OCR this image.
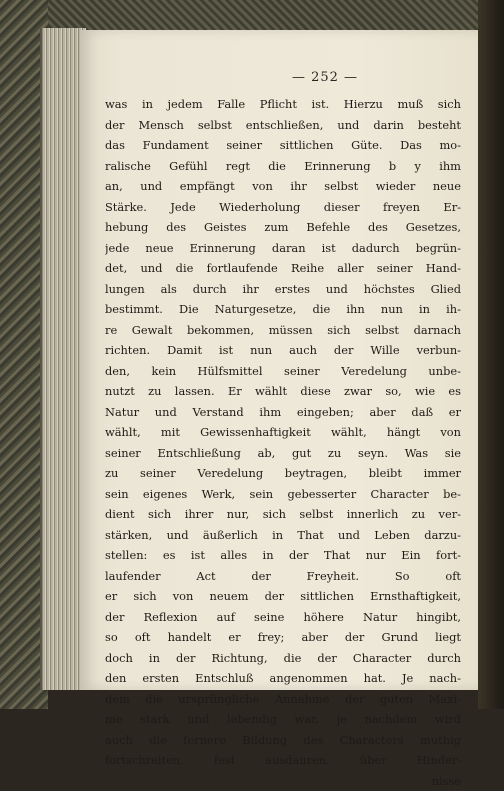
— 252 —
was in jedem Falle Pflicht ist. Hierzu muß sich
der Mensch selbst entschließen, und darin besteht
das Fundament seiner sittlichen Güte. Das mo-
ralische Gefühl regt die Erinnerung b y ihm
an, und empfängt von ihr selbst wieder neue
Stärke. Jede Wiederholung dieser freyen Er-
hebung des Geistes zum Befehle des Gesetzes,
jede neue Erinnerung daran ist dadurch begrün-
det, und die fortlaufende Reihe aller seiner Hand-
lungen als durch ihr erstes und höchstes Glied
bestimmt. Die Naturgesetze, die ihn nun in ih-
re Gewalt bekommen, müssen sich selbst darnach
richten. Damit ist nun auch der Wille verbun-
den, kein Hülfsmittel seiner Veredelung unbe-
nutzt zu lassen. Er wählt diese zwar so, wie es
Natur und Verstand ihm eingeben; aber daß er
wählt, mit Gewissenhaftigkeit wählt, hängt von
seiner Entschließung ab, gut zu seyn. Was sie
zu seiner Veredelung beytragen, bleibt immer
sein eigenes Werk, sein gebesserter Character be-
dient sich ihrer nur, sich selbst innerlich zu ver-
stärken, und äußerlich in That und Leben darzu-
stellen: es ist alles in der That nur Ein fort-
laufender Act der Freyheit. So oft
er sich von neuem der sittlichen Ernsthaftigkeit,
der Reflexion auf seine höhere Natur hingibt,
so oft handelt er frey; aber der Grund liegt
doch in der Richtung, die der Character durch
den ersten Entschluß angenommen hat. Je nach-
dem die ursprüngliche Annahme der guten Maxi-
me stark und lebendig war, je nachdem wird
auch die fernere Bildung des Characters muthig
fortschreiten, fest ausdauren, über Hinder-
nisse
